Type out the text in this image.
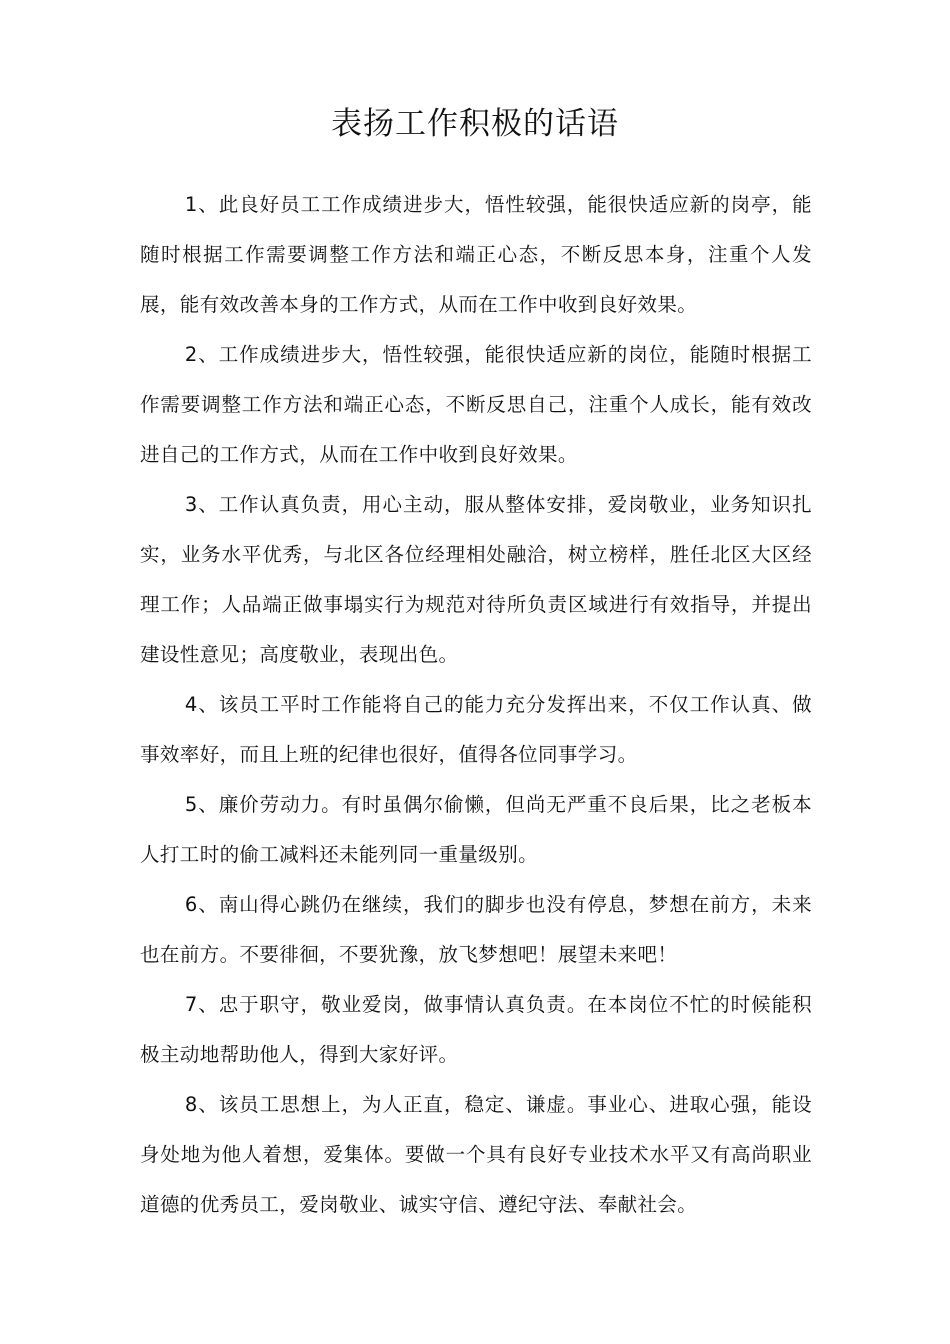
表扬工作积极的话语

1、此良好员工工作成绩进步大，悟性较强，能很快适应新的岗亭，能随时根据工作需要调整工作方法和端正心态，不断反思本身，注重个人发展，能有效改善本身的工作方式，从而在工作中收到良好效果。

2、工作成绩进步大，悟性较强，能很快适应新的岗位，能随时根据工作需要调整工作方法和端正心态，不断反思自己，注重个人成长，能有效改进自己的工作方式，从而在工作中收到良好效果。

3、工作认真负责，用心主动，服从整体安排，爱岗敬业，业务知识扎实，业务水平优秀，与北区各位经理相处融洽，树立榜样，胜任北区大区经理工作；人品端正做事塌实行为规范对待所负责区域进行有效指导，并提出建设性意见；高度敬业，表现出色。

4、该员工平时工作能将自己的能力充分发挥出来，不仅工作认真、做事效率好，而且上班的纪律也很好，值得各位同事学习。

5、廉价劳动力。有时虽偶尔偷懒，但尚无严重不良后果，比之老板本人打工时的偷工减料还未能列同一重量级别。

6、南山得心跳仍在继续，我们的脚步也没有停息，梦想在前方，未来也在前方。不要徘徊，不要犹豫，放飞梦想吧！展望未来吧！

7、忠于职守，敬业爱岗，做事情认真负责。在本岗位不忙的时候能积极主动地帮助他人，得到大家好评。

8、该员工思想上，为人正直，稳定、谦虚。事业心、进取心强，能设身处地为他人着想，爱集体。要做一个具有良好专业技术水平又有高尚职业道德的优秀员工，爱岗敬业、诚实守信、遵纪守法、奉献社会。
